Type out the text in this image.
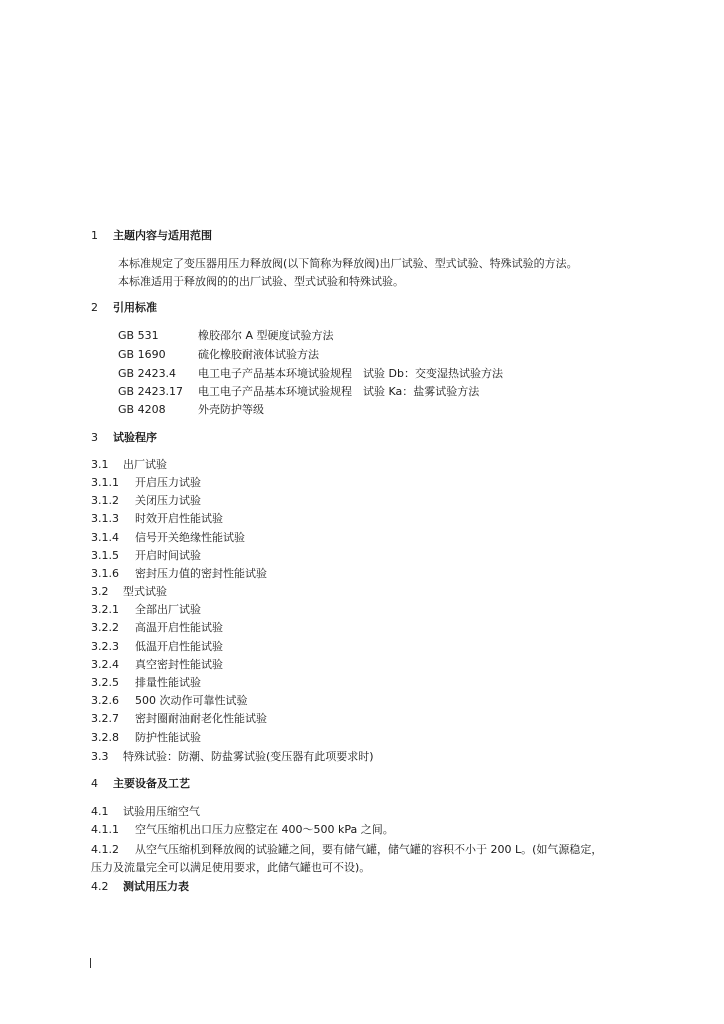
1 主题内容与适用范围
本标准规定了变压器用压力释放阀(以下简称为释放阀)出厂试验、型式试验、特殊试验的方法。
本标准适用于释放阀的的出厂试验、型式试验和特殊试验。
2 引用标准
GB 531	橡胶邵尔 A 型硬度试验方法
GB 1690	硫化橡胶耐液体试验方法
GB 2423.4 电工电子产品基本环境试验规程　试验 Db：交变湿热试验方法
GB 2423.17 电工电子产品基本环境试验规程　试验 Ka：盐雾试验方法
GB 4208	外壳防护等级
3 试验程序
3.1 出厂试验
3.1.1 开启压力试验
3.1.2 关闭压力试验
3.1.3 时效开启性能试验
3.1.4 信号开关绝缘性能试验
3.1.5 开启时间试验
3.1.6 密封压力值的密封性能试验
3.2 型式试验
3.2.1 全部出厂试验
3.2.2 高温开启性能试验
3.2.3 低温开启性能试验
3.2.4 真空密封性能试验
3.2.5 排量性能试验
3.2.6 500 次动作可靠性试验
3.2.7 密封圈耐油耐老化性能试验
3.2.8 防护性能试验
3.3 特殊试验：防潮、防盐雾试验(变压器有此项要求时)
4 主要设备及工艺
4.1 试验用压缩空气
4.1.1 空气压缩机出口压力应整定在 400～500 kPa 之间。
4.1.2 从空气压缩机到释放阀的试验罐之间，要有储气罐，储气罐的容积不小于 200 L。(如气源稳定，
压力及流量完全可以满足使用要求，此储气罐也可不设)。
4.2 测试用压力表
